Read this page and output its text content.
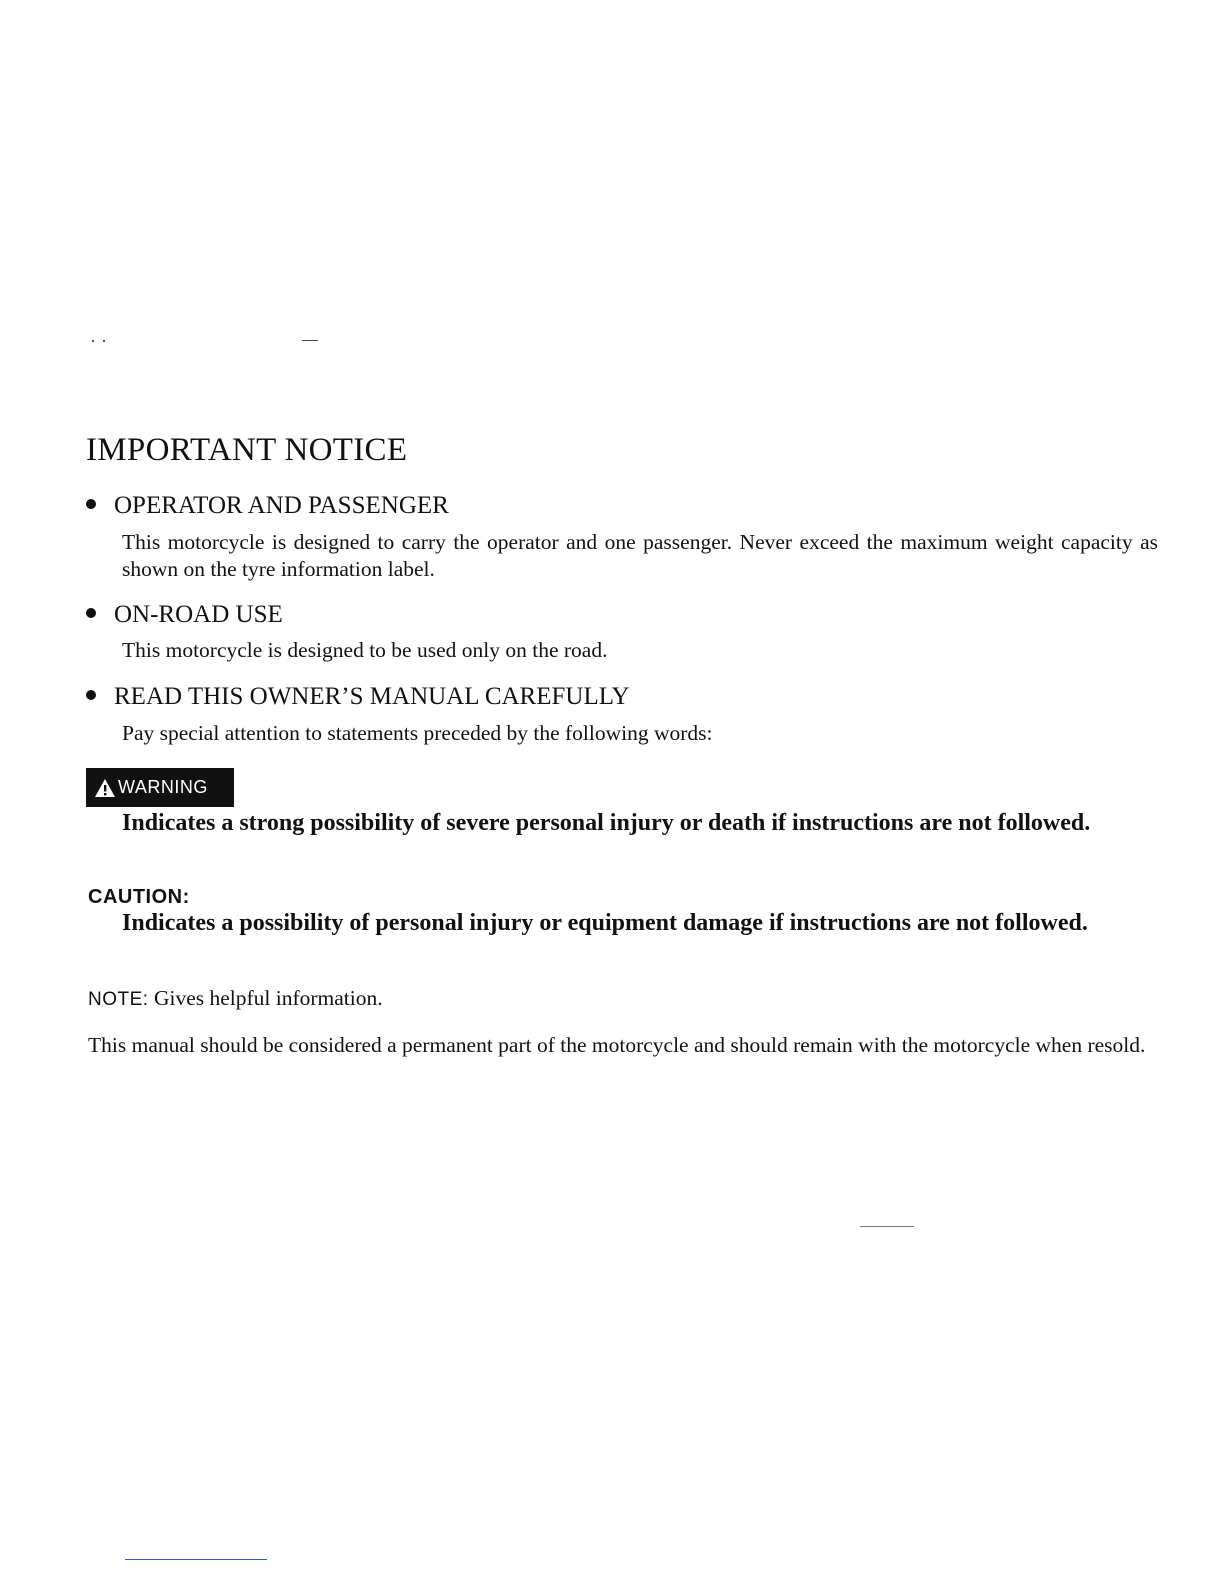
IMPORTANT NOTICE
OPERATOR AND PASSENGER
This motorcycle is designed to carry the operator and one passenger. Never exceed the maximum weight capacity as shown on the tyre information label.
ON-ROAD USE
This motorcycle is designed to be used only on the road.
READ THIS OWNER’S MANUAL CAREFULLY
Pay special attention to statements preceded by the following words:
WARNING
Indicates a strong possibility of severe personal injury or death if instructions are not followed.
CAUTION:
Indicates a possibility of personal injury or equipment damage if instructions are not followed.
NOTE: Gives helpful information.
This manual should be considered a permanent part of the motorcycle and should remain with the motorcycle when resold.
